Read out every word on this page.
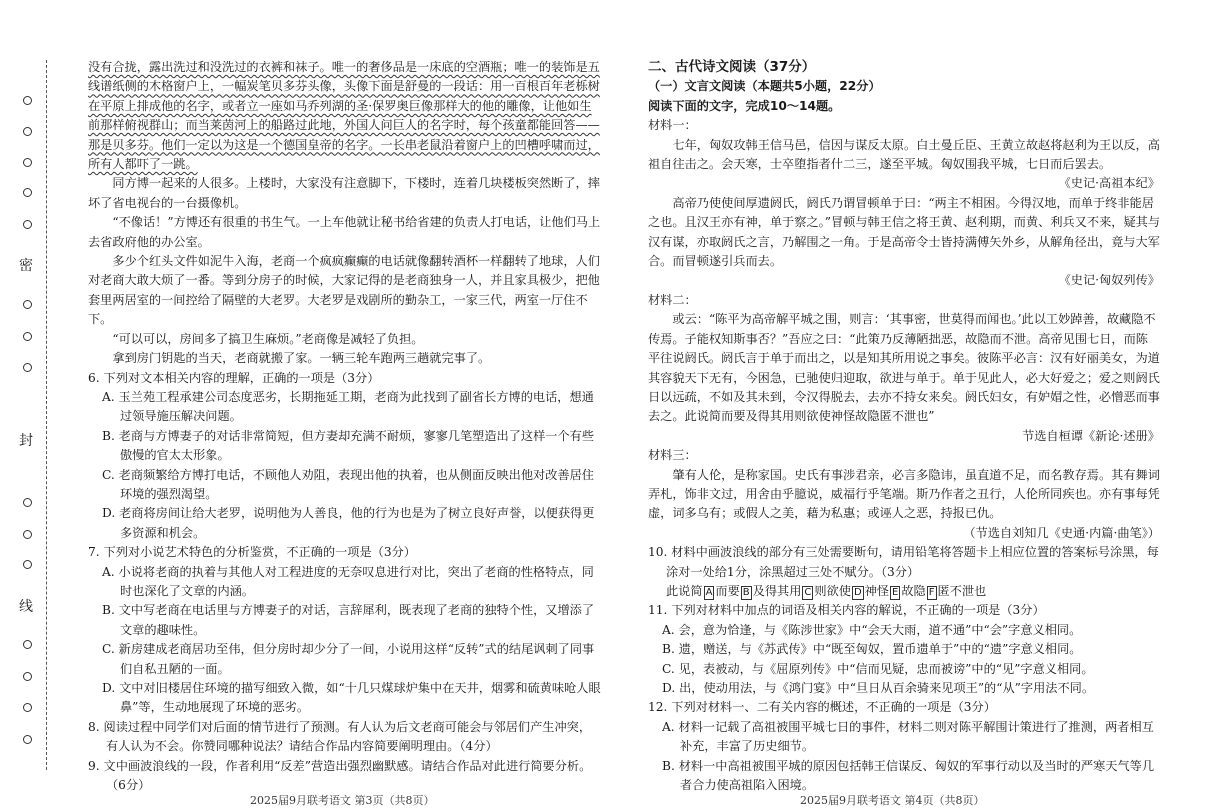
密
封
线

没有合拢，露出洗过和没洗过的衣裤和袜子。唯一的奢侈品是一床底的空酒瓶；唯一的装饰是五线谱纸侧的木格窗户上，一幅炭笔贝多芬头像，头像下面是舒曼的一段话：用一百根百年老栎树在平原上排成他的名字，或者立一座如马乔列湖的圣·保罗奥巨像那样大的他的雕像，让他如生前那样俯视群山；而当莱茵河上的船路过此地，外国人问巨人的名字时，每个孩童都能回答——那是贝多芬。他们一定以为这是一个德国皇帝的名字。一长串老鼠沿着窗户上的凹槽呼啸而过，所有人都吓了一跳。

同方博一起来的人很多。上楼时，大家没有注意脚下，下楼时，连着几块楼板突然断了，摔坏了省电视台的一台摄像机。

“不像话！”方博还有很重的书生气。一上车他就让秘书给省建的负责人打电话，让他们马上去省政府他的办公室。

多少个红头文件如泥牛入海，老商一个疯疯癫癫的电话就像翻转酒杯一样翻转了地球，人们对老商大敢大烦了一番。等到分房子的时候，大家记得的是老商独身一人，并且家具极少，把他套里两居室的一间控给了隔壁的大老罗。大老罗是戏剧所的勤杂工，一家三代，两室一厅住不下。

“可以可以，房间多了搞卫生麻烦。”老商像是减轻了负担。

拿到房门钥匙的当天，老商就搬了家。一辆三轮车跑两三趟就完事了。

6. 下列对文本相关内容的理解，正确的一项是（3分）

A. 玉兰苑工程承建公司态度恶劣，长期拖延工期，老商为此找到了副省长方博的电话，想通过领导施压解决问题。

B. 老商与方博妻子的对话非常简短，但方妻却充满不耐烦，寥寥几笔塑造出了这样一个有些傲慢的官太太形象。

C. 老商频繁给方博打电话，不顾他人劝阻，表现出他的执着，也从侧面反映出他对改善居住环境的强烈渴望。

D. 老商将房间让给大老罗，说明他为人善良，他的行为也是为了树立良好声誉，以便获得更多资源和机会。

7. 下列对小说艺术特色的分析鉴赏，不正确的一项是（3分）

A. 小说将老商的执着与其他人对工程进度的无奈叹息进行对比，突出了老商的性格特点，同时也深化了文章的内涵。

B. 文中写老商在电话里与方博妻子的对话，言辞犀利，既表现了老商的独特个性，又增添了文章的趣味性。

C. 新房建成老商居功至伟，但分房时却少分了一间，小说用这样“反转”式的结尾讽刺了同事们自私丑陋的一面。

D. 文中对旧楼居住环境的描写细致入微，如“十几只煤球炉集中在天井，烟雾和硫黄味呛人眼鼻”等，生动地展现了环境的恶劣。

8. 阅读过程中同学们对后面的情节进行了预测。有人认为后文老商可能会与邻居们产生冲突，有人认为不会。你赞同哪种说法？请结合作品内容简要阐明理由。（4分）

9. 文中画波浪线的一段，作者利用“反差”营造出强烈幽默感。请结合作品对此进行简要分析。（6分）

二、古代诗文阅读（37分）

（一）文言文阅读（本题共5小题，22分）

阅读下面的文字，完成10～14题。

材料一：

七年，匈奴攻韩王信马邑，信因与谋反太原。白土曼丘臣、王黄立故赵将赵利为王以反，高祖自往击之。会天寒，士卒堕指者什二三，遂至平城。匈奴围我平城，七日而后罢去。

《史记·高祖本纪》

高帝乃使使间厚遗阏氏，阏氏乃谓冒顿单于曰：“两主不相困。今得汉地，而单于终非能居之也。且汉王亦有神，单于察之。”冒顿与韩王信之将王黄、赵利期，而黄、利兵又不来，疑其与汉有谋，亦取阏氏之言，乃解围之一角。于是高帝令士皆持满傅矢外乡，从解角径出，竟与大军合。而冒顿遂引兵而去。

《史记·匈奴列传》

材料二：

或云：“陈平为高帝解平城之围，则言：‘其事密，世莫得而闻也。’此以工妙踔善，故藏隐不传焉。子能权知斯事否？”吾应之曰：“此策乃反薄陋拙恶，故隐而不泄。高帝见围七日，而陈平往说阏氏。阏氏言于单于而出之，以是知其所用说之事矣。彼陈平必言：汉有好丽美女，为道其容貌天下无有，今困急，已驰使归迎取，欲进与单于。单于见此人，必大好爱之；爱之则阏氏日以远疏，不如及其未到，令汉得脱去，去亦不持女来矣。阏氏妇女，有妒媢之性，必憎恶而事去之。此说简而要及得其用则欲使神怪故隐匿不泄也”

节选自桓谭《新论·述册》

材料三：

肇有人伦，是称家国。史氏有事涉君亲，必言多隐讳，虽直道不足，而名教存焉。其有舞词弄札，饰非文过，用舍由乎臆说，威福行乎笔端。斯乃作者之丑行，人伦所同疾也。亦有事每凭虚，词多乌有；或假人之美，藉为私惠；或诬人之恶，持报已仇。

（节选自刘知几《史通·内篇·曲笔》）

10. 材料中画波浪线的部分有三处需要断句，请用铅笔将答题卡上相应位置的答案标号涂黑，每涂对一处给1分，涂黑超过三处不赋分。（3分）

此说简 A 而要 B 及得其用 C 则欲使 D 神怪 E 故隐 F 匿不泄也

11. 下列对材料中加点的词语及相关内容的解说，不正确的一项是（3分）

A. 会，意为恰逢，与《陈涉世家》中“会天大雨，道不通”中“会”字意义相同。

B. 遗，赠送，与《苏武传》中“既至匈奴，置币遗单于”中的“遗”字意义相同。

C. 见，表被动，与《屈原列传》中“信而见疑，忠而被谤”中的“见”字意义相同。

D. 出，使动用法，与《鸿门宴》中“旦日从百余骑来见项王”的“从”字用法不同。

12. 下列对材料一、二有关内容的概述，不正确的一项是（3分）

A. 材料一记载了高祖被围平城七日的事件，材料二则对陈平解围计策进行了推测，两者相互补充，丰富了历史细节。

B. 材料一中高祖被围平城的原因包括韩王信谋反、匈奴的军事行动以及当时的严寒天气等几者合力使高祖陷入困境。

2025届9月联考语文 第3页（共8页）	2025届9月联考语文 第4页（共8页）
